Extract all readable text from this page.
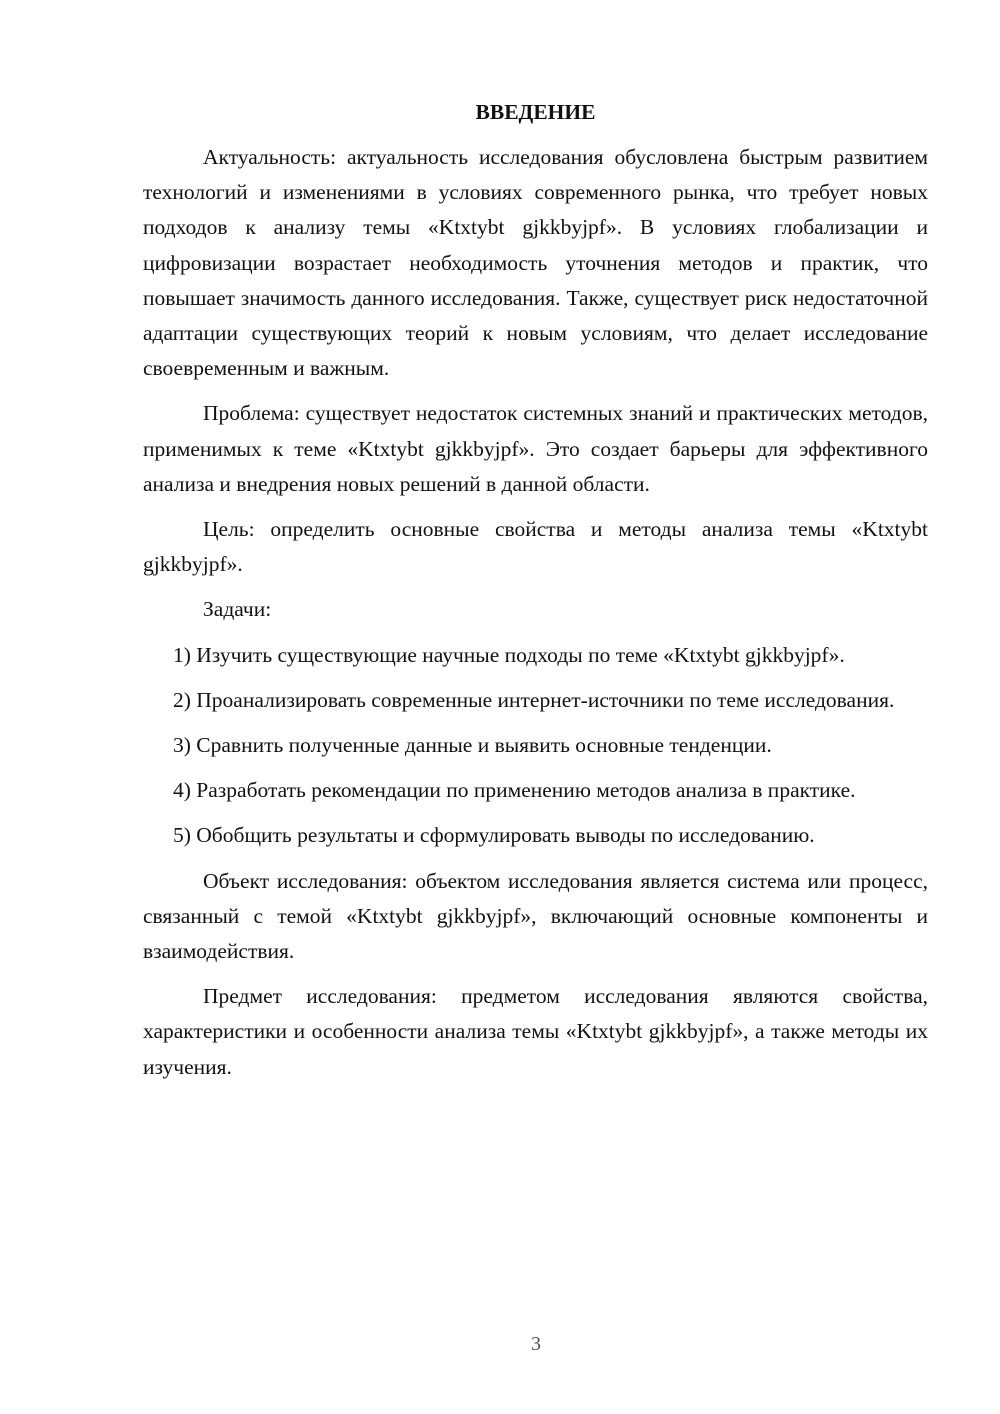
ВВЕДЕНИЕ

Актуальность: актуальность исследования обусловлена быстрым развитием технологий и изменениями в условиях современного рынка, что требует новых подходов к анализу темы «Ktxtybt gjkkbyjpf». В условиях глобализации и цифровизации возрастает необходимость уточнения методов и практик, что повышает значимость данного исследования. Также, существует риск недостаточной адаптации существующих теорий к новым условиям, что делает исследование своевременным и важным.

Проблема: существует недостаток системных знаний и практических методов, применимых к теме «Ktxtybt gjkkbyjpf». Это создает барьеры для эффективного анализа и внедрения новых решений в данной области.

Цель: определить основные свойства и методы анализа темы «Ktxtybt gjkkbyjpf».

Задачи:

1) Изучить существующие научные подходы по теме «Ktxtybt gjkkbyjpf».

2) Проанализировать современные интернет-источники по теме исследования.

3) Сравнить полученные данные и выявить основные тенденции.

4) Разработать рекомендации по применению методов анализа в практике.

5) Обобщить результаты и сформулировать выводы по исследованию.

Объект исследования: объектом исследования является система или процесс, связанный с темой «Ktxtybt gjkkbyjpf», включающий основные компоненты и взаимодействия.

Предмет исследования: предметом исследования являются свойства, характеристики и особенности анализа темы «Ktxtybt gjkkbyjpf», а также методы их изучения.

3
